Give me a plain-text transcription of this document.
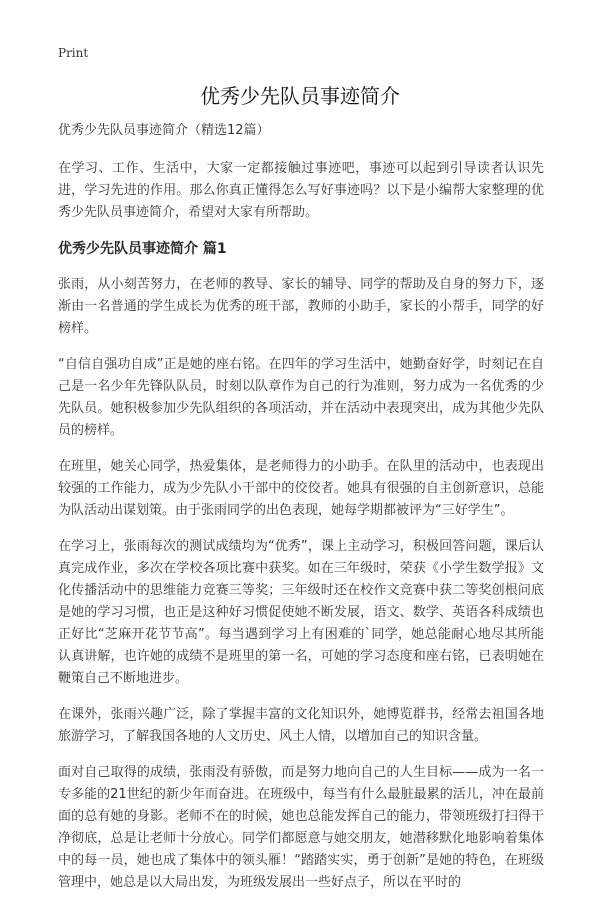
Print
优秀少先队员事迹简介

优秀少先队员事迹简介（精选12篇）

在学习、工作、生活中，大家一定都接触过事迹吧，事迹可以起到引导读者认识先进，学习先进的作用。那么你真正懂得怎么写好事迹吗？以下是小编帮大家整理的优秀少先队员事迹简介，希望对大家有所帮助。

优秀少先队员事迹简介 篇1

张雨，从小刻苦努力，在老师的教导、家长的辅导、同学的帮助及自身的努力下，逐渐由一名普通的学生成长为优秀的班干部，教师的小助手，家长的小帮手，同学的好榜样。

“自信自强功自成”正是她的座右铭。在四年的学习生活中，她勤奋好学，时刻记在自己是一名少年先锋队队员，时刻以队章作为自己的行为准则，努力成为一名优秀的少先队员。她积极参加少先队组织的各项活动，并在活动中表现突出，成为其他少先队员的榜样。

在班里，她关心同学，热爱集体，是老师得力的小助手。在队里的活动中，也表现出较强的工作能力，成为少先队小干部中的佼佼者。她具有很强的自主创新意识，总能为队活动出谋划策。由于张雨同学的出色表现，她每学期都被评为“三好学生”。

在学习上，张雨每次的测试成绩均为“优秀”，课上主动学习，积极回答问题，课后认真完成作业，多次在学校各项比赛中获奖。如在三年级时，荣获《小学生数学报》文化传播活动中的思维能力竞赛三等奖；三年级时还在校作文竞赛中获二等奖创根问底是她的学习习惯，也正是这种好习惯促使她不断发展，语文、数学、英语各科成绩也正好比“芝麻开花节节高”。每当遇到学习上有困难的`同学，她总能耐心地尽其所能认真讲解，也许她的成绩不是班里的第一名，可她的学习态度和座右铭，已表明她在鞭策自己不断地进步。

在课外，张雨兴趣广泛，除了掌握丰富的文化知识外，她博览群书，经常去祖国各地旅游学习，了解我国各地的人文历史、风土人情，以增加自己的知识含量。

面对自己取得的成绩，张雨没有骄傲，而是努力地向自己的人生目标——成为一名一专多能的21世纪的新少年而奋进。在班级中，每当有什么最脏最累的活儿，冲在最前面的总有她的身影。老师不在的时候，她也总能发挥自己的能力，带领班级打扫得干净彻底，总是让老师十分放心。同学们都愿意与她交朋友，她潜移默化地影响着集体中的每一员，她也成了集体中的领头雁！“踏踏实实，勇于创新”是她的特色，在班级管理中，她总是以大局出发，为班级发展出一些好点子，所以在平时的
